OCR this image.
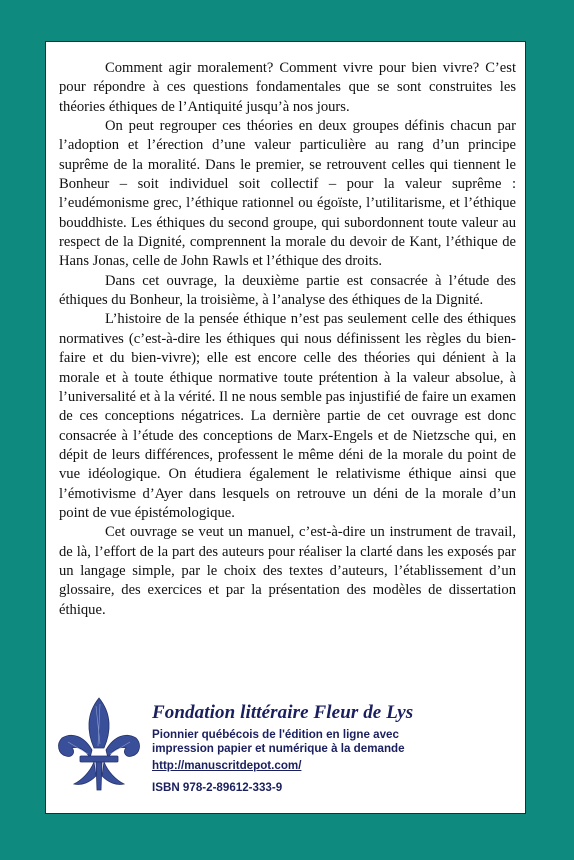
Comment agir moralement? Comment vivre pour bien vivre? C’est pour répondre à ces questions fondamentales que se sont construites les théories éthiques de l’Antiquité jusqu’à nos jours.

On peut regrouper ces théories en deux groupes définis chacun par l’adoption et l’érection d’une valeur particulière au rang d’un principe suprême de la moralité. Dans le premier, se retrouvent celles qui tiennent le Bonheur – soit individuel soit collectif – pour la valeur suprême : l’eudémonisme grec, l’éthique rationnel ou égoïste, l’utilitarisme, et l’éthique bouddhiste. Les éthiques du second groupe, qui subordonnent toute valeur au respect de la Dignité, comprennent la morale du devoir de Kant, l’éthique de Hans Jonas, celle de John Rawls et l’éthique des droits.

Dans cet ouvrage, la deuxième partie est consacrée à l’étude des éthiques du Bonheur, la troisième, à l’analyse des éthiques de la Dignité.

L’histoire de la pensée éthique n’est pas seulement celle des éthiques normatives (c’est-à-dire les éthiques qui nous définissent les règles du bien-faire et du bien-vivre); elle est encore celle des théories qui dénient à la morale et à toute éthique normative toute prétention à la valeur absolue, à l’universalité et à la vérité. Il ne nous semble pas injustifié de faire un examen de ces conceptions négatrices. La dernière partie de cet ouvrage est donc consacrée à l’étude des conceptions de Marx-Engels et de Nietzsche qui, en dépit de leurs différences, professent le même déni de la morale du point de vue idéologique. On étudiera également le relativisme éthique ainsi que l’émotivisme d’Ayer dans lesquels on retrouve un déni de la morale d’un point de vue épistémologique.

Cet ouvrage se veut un manuel, c’est-à-dire un instrument de travail, de là, l’effort de la part des auteurs pour réaliser la clarté dans les exposés par un langage simple, par le choix des textes d’auteurs, l’établissement d’un glossaire, des exercices et par la présentation des modèles de dissertation éthique.

Fondation littéraire Fleur de Lys
Pionnier québécois de l'édition en ligne avec
impression papier et numérique à la demande
http://manuscritdepot.com/
ISBN 978-2-89612-333-9
